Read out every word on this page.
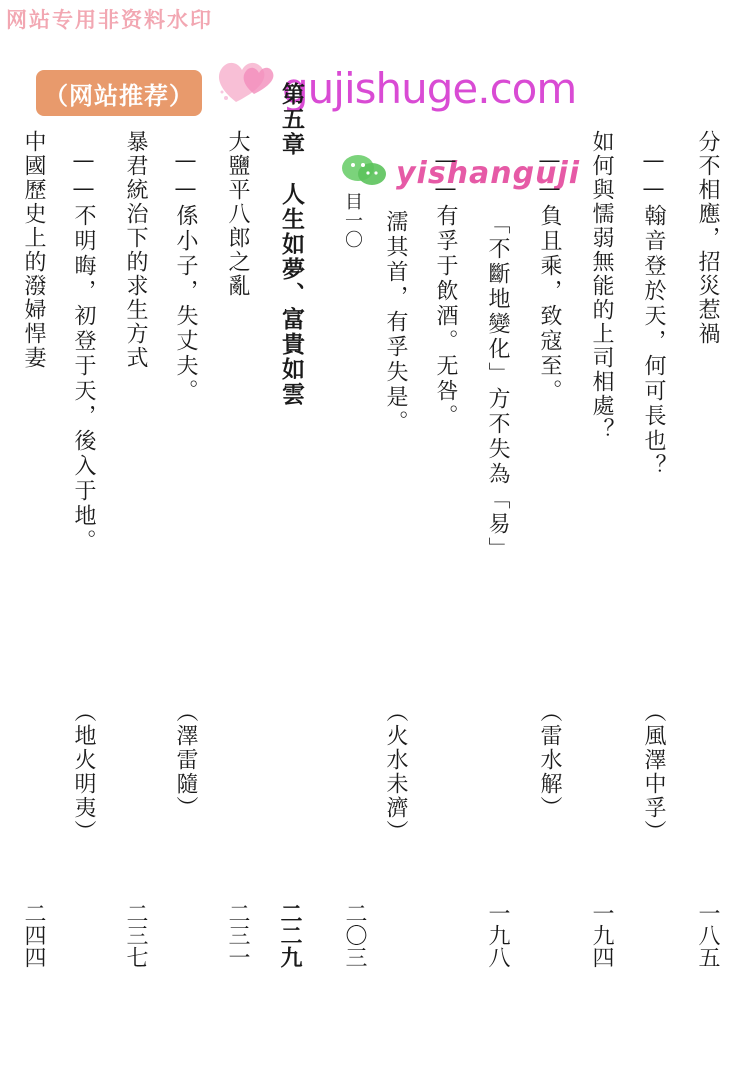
网站专用非资料水印
（网站推荐） gujishuge.com
yishanguji
目一〇	分不相應，招災惹禍
——翰音登於天，何可長也？
如何與懦弱無能的上司相處？
——負且乘，致寇至。
「不斷地變化」方不失為「易」
——有孚于飲酒。无咎。
濡其首，有孚失是。
第五章　人生如夢、富貴如雲
大鹽平八郎之亂
——係小子，失丈夫。
暴君統治下的求生方式
——不明晦，初登于天，後入于地。
中國歷史上的潑婦悍妻
（風澤中孚）
（雷水解）
（火水未濟）
（澤雷隨）
（地火明夷）
一八五
一九四
一九八
二〇三
二二九
二三一
二三七
二四四
